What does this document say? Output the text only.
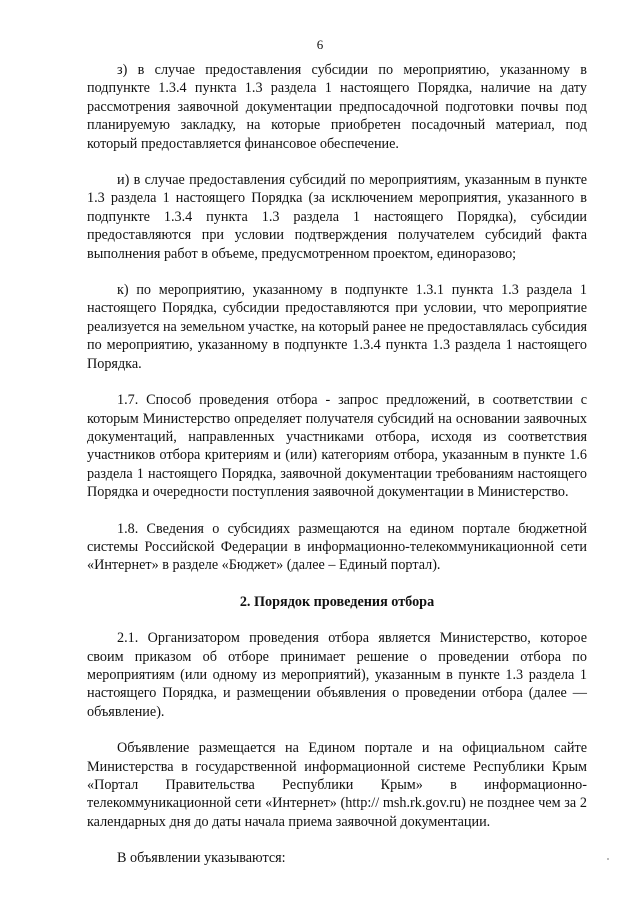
6

з) в случае предоставления субсидии по мероприятию, указанному в подпункте 1.3.4 пункта 1.3 раздела 1 настоящего Порядка, наличие на дату рассмотрения заявочной документации предпосадочной подготовки почвы под планируемую закладку, на которые приобретен посадочный материал, под который предоставляется финансовое обеспечение.

и) в случае предоставления субсидий по мероприятиям, указанным в пункте 1.3 раздела 1 настоящего Порядка (за исключением мероприятия, указанного в подпункте 1.3.4 пункта 1.3 раздела 1 настоящего Порядка), субсидии предоставляются при условии подтверждения получателем субсидий факта выполнения работ в объеме, предусмотренном проектом, единоразово;

к) по мероприятию, указанному в подпункте 1.3.1 пункта 1.3 раздела 1 настоящего Порядка, субсидии предоставляются при условии, что мероприятие реализуется на земельном участке, на который ранее не предоставлялась субсидия по мероприятию, указанному в подпункте 1.3.4 пункта 1.3 раздела 1 настоящего Порядка.

1.7. Способ проведения отбора - запрос предложений, в соответствии с которым Министерство определяет получателя субсидий на основании заявочных документаций, направленных участниками отбора, исходя из соответствия участников отбора критериям и (или) категориям отбора, указанным в пункте 1.6 раздела 1 настоящего Порядка, заявочной документации требованиям настоящего Порядка и очередности поступления заявочной документации в Министерство.

1.8. Сведения о субсидиях размещаются на едином портале бюджетной системы Российской Федерации в информационно-телекоммуникационной сети «Интернет» в разделе «Бюджет» (далее – Единый портал).

2. Порядок проведения отбора

2.1. Организатором проведения отбора является Министерство, которое своим приказом об отборе принимает решение о проведении отбора по мероприятиям (или одному из мероприятий), указанным в пункте 1.3 раздела 1 настоящего Порядка, и размещении объявления о проведении отбора (далее — объявление).

Объявление размещается на Едином портале и на официальном сайте Министерства в государственной информационной системе Республики Крым «Портал Правительства Республики Крым» в информационно-телекоммуникационной сети «Интернет» (http:// msh.rk.gov.ru) не позднее чем за 2 календарных дня до даты начала приема заявочной документации.

В объявлении указываются:
